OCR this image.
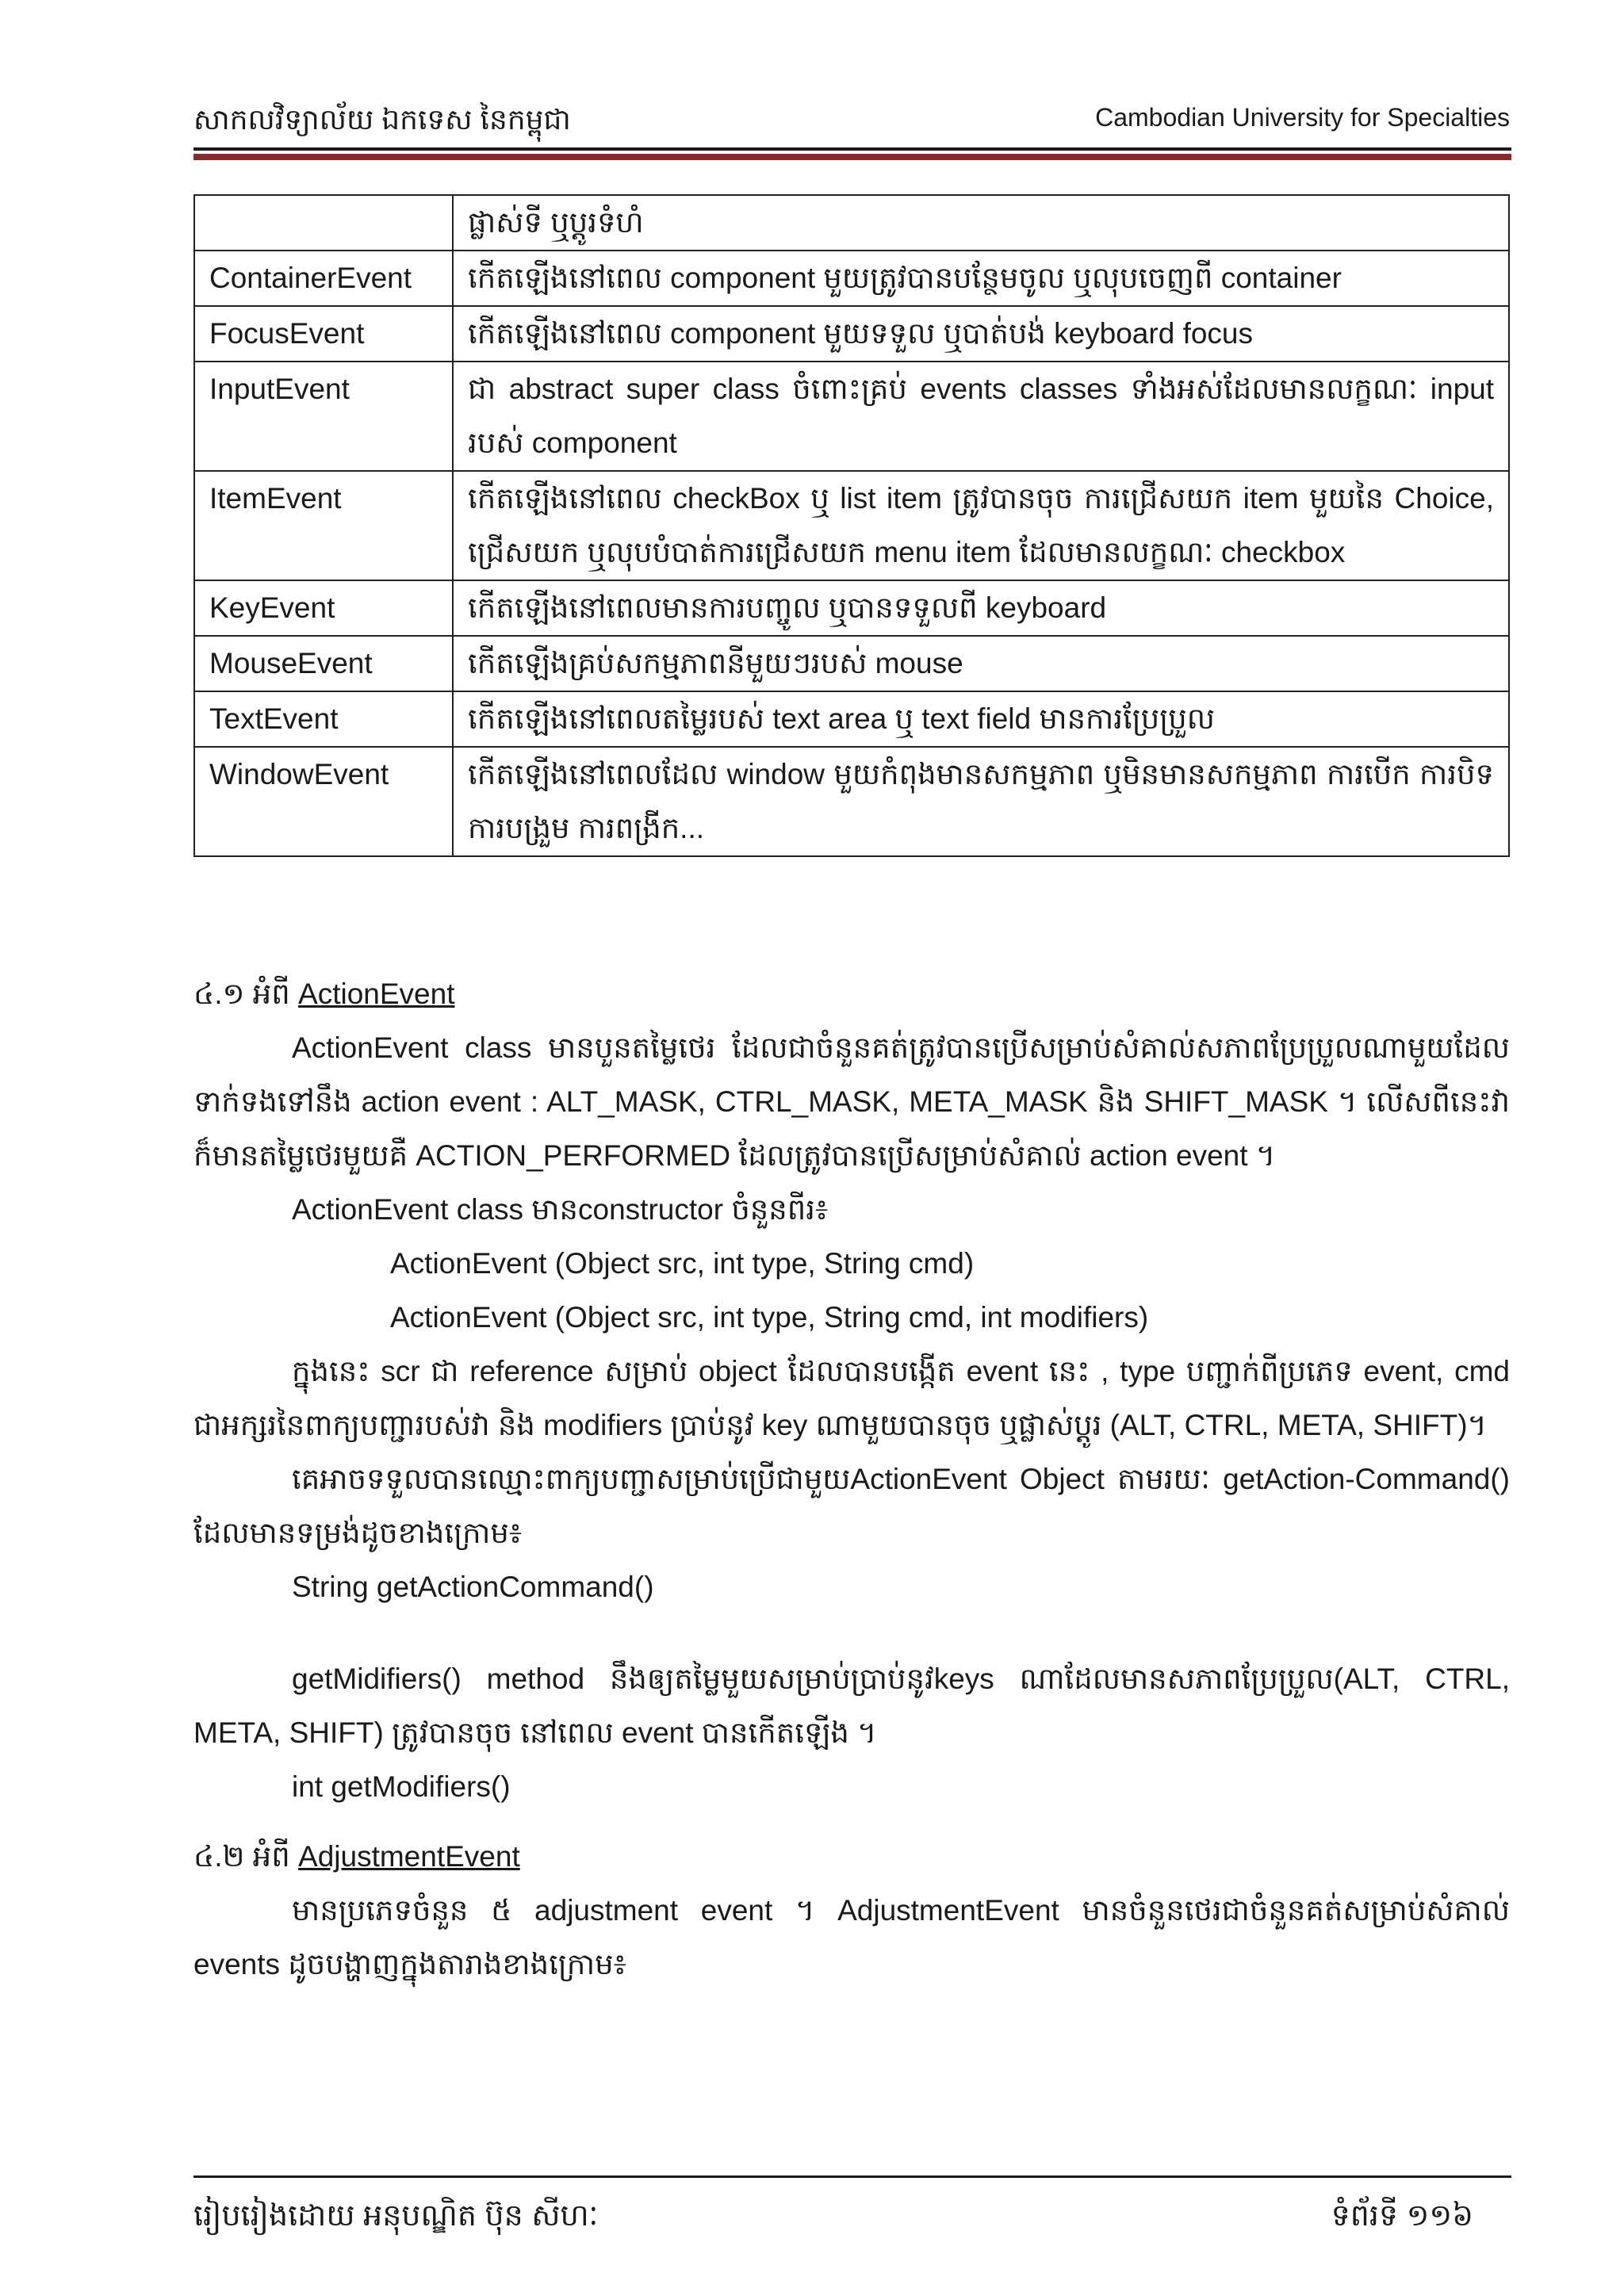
សាកលវិទ្យាល័យ ឯកទេស នៃកម្ពុជា	Cambodian University for Specialties
	ផ្លាស់ទី ឬប្ដូរទំហំ
ContainerEvent	កើតឡើងនៅពេល component មួយត្រូវបានបន្ថែមចូល ឬលុបចេញពី container
FocusEvent	កើតឡើងនៅពេល component មួយទទួល ឬបាត់បង់ keyboard focus
InputEvent	ជា abstract super class ចំពោះគ្រប់ events classes ទាំងអស់ដែលមានលក្ខណៈ input របស់ component
ItemEvent	កើតឡើងនៅពេល checkBox ឬ list item ត្រូវបានចុច ការជ្រើសយក item មួយនៃ Choice, ជ្រើសយក ឬលុបបំបាត់ការជ្រើសយក menu item ដែលមានលក្ខណៈ checkbox
KeyEvent	កើតឡើងនៅពេលមានការបញ្ចូល ឬបានទទួលពី keyboard
MouseEvent	កើតឡើងគ្រប់សកម្មភាពនីមួយៗរបស់ mouse
TextEvent	កើតឡើងនៅពេលតម្លៃរបស់ text area ឬ text field មានការប្រែប្រួល
WindowEvent	កើតឡើងនៅពេលដែល window មួយកំពុងមានសកម្មភាព ឬមិនមានសកម្មភាព ការបើក ការបិទ ការបង្រួម ការពង្រីក...

៤.១ អំពី ActionEvent

ActionEvent class មានបួនតម្លៃថេរ ដែលជាចំនួនគត់ត្រូវបានប្រើសម្រាប់សំគាល់សភាពប្រែប្រួលណាមួយដែលទាក់ទងទៅនឹង action event : ALT_MASK, CTRL_MASK, META_MASK និង SHIFT_MASK ។ លើសពីនេះវាក៏មានតម្លៃថេរមួយគឺ ACTION_PERFORMED ដែលត្រូវបានប្រើសម្រាប់សំគាល់ action event ។

ActionEvent class មានconstructor ចំនួនពីរ៖

ActionEvent (Object src, int type, String cmd)

ActionEvent (Object src, int type, String cmd, int modifiers)

ក្នុងនេះ scr ជា reference សម្រាប់ object ដែលបានបង្កើត event នេះ , type បញ្ជាក់ពីប្រភេទ event, cmd ជាអក្សរនៃពាក្យបញ្ជារបស់វា និង modifiers ប្រាប់នូវ key ណាមួយបានចុច ឬផ្លាស់ប្ដូរ (ALT, CTRL, META, SHIFT)។

គេអាចទទួលបានឈ្មោះពាក្យបញ្ជាសម្រាប់ប្រើជាមួយActionEvent Object តាមរយៈ getAction-Command() ដែលមានទម្រង់ដូចខាងក្រោម៖

String getActionCommand()

getMidifiers() method នឹងឲ្យតម្លៃមួយសម្រាប់ប្រាប់នូវkeys ណាដែលមានសភាពប្រែប្រួល(ALT, CTRL, META, SHIFT) ត្រូវបានចុច នៅពេល event បានកើតឡើង ។

int getModifiers()

៤.២ អំពី AdjustmentEvent

មានប្រភេទចំនួន ៥ adjustment event ។ AdjustmentEvent មានចំនួនថេរជាចំនួនគត់សម្រាប់សំគាល់ events ដូចបង្ហាញក្នុងតារាងខាងក្រោម៖

រៀបរៀងដោយ អនុបណ្ឌិត ប៊ុន សីហៈ	ទំព័រទី ១១៦
